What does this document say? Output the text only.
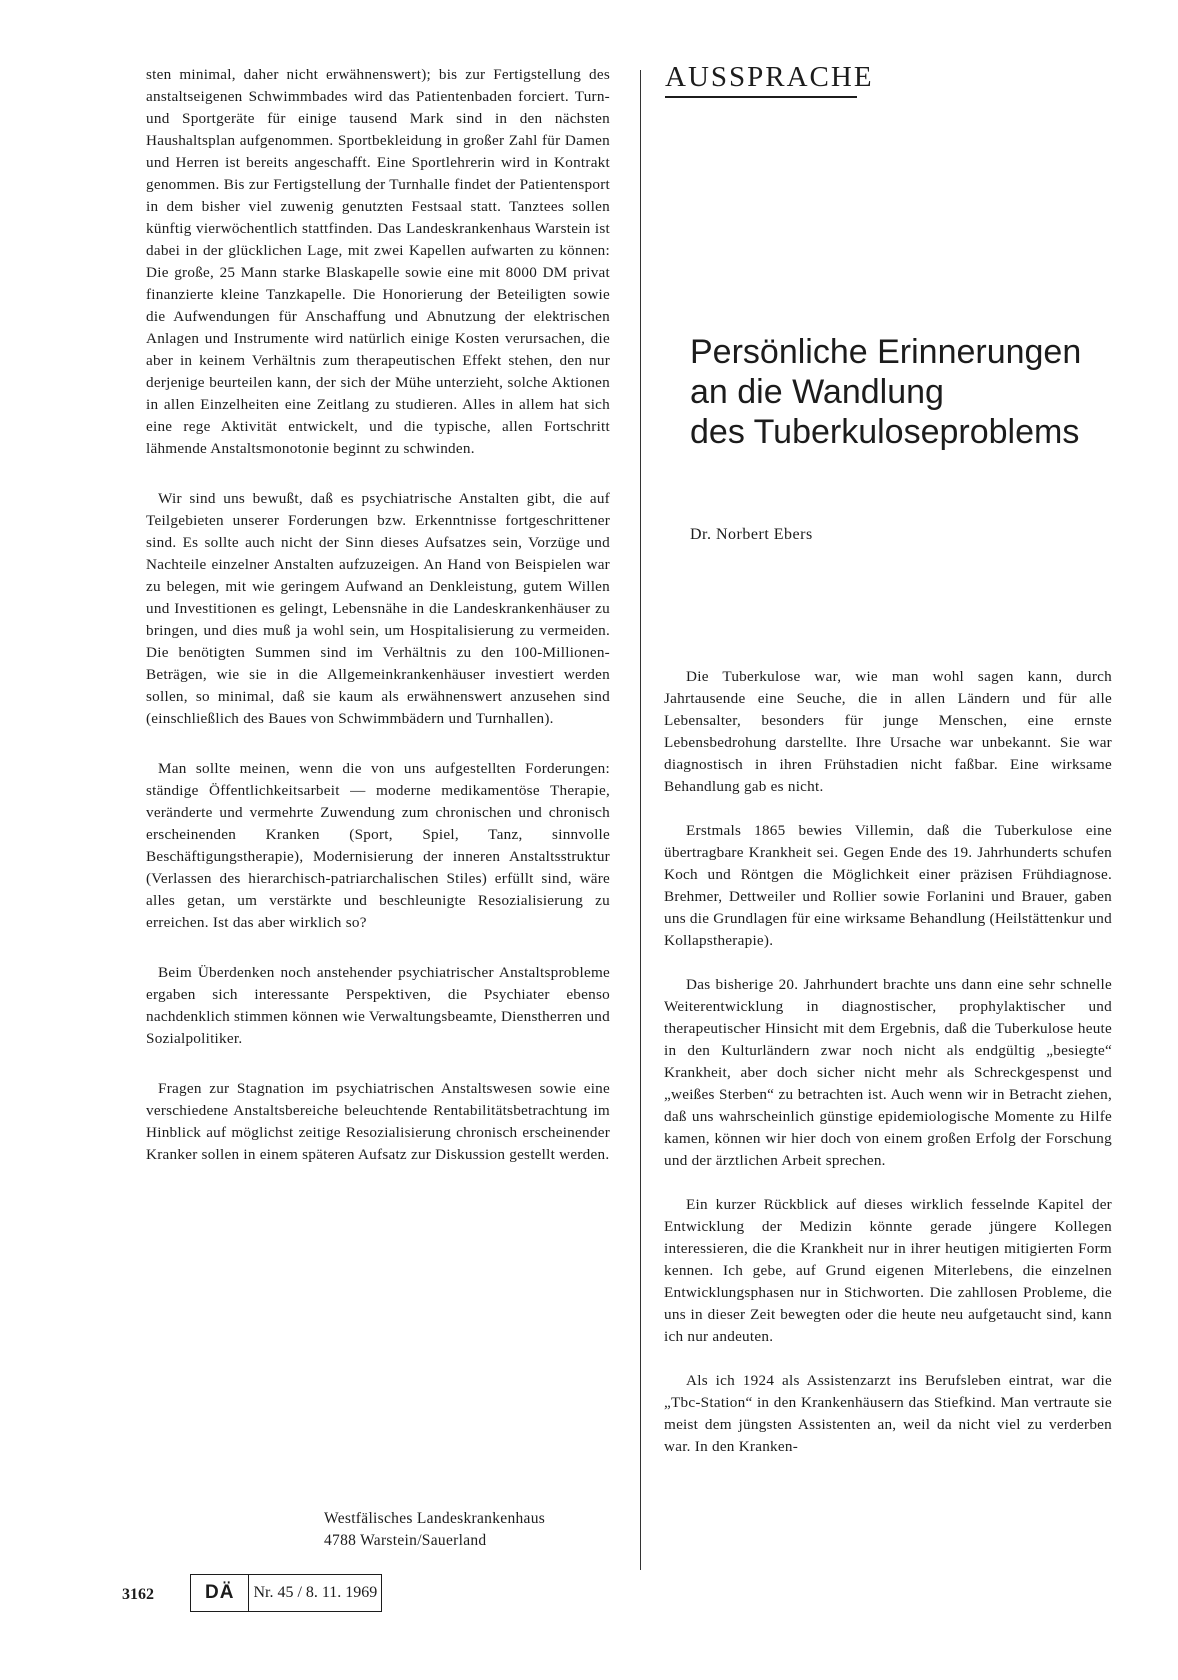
sten minimal, daher nicht erwähnenswert); bis zur Fertigstellung des anstaltseigenen Schwimmbades wird das Patientenbaden forciert. Turn- und Sportgeräte für einige tausend Mark sind in den nächsten Haushaltsplan aufgenommen. Sportbekleidung in großer Zahl für Damen und Herren ist bereits angeschafft. Eine Sportlehrerin wird in Kontrakt genommen. Bis zur Fertigstellung der Turnhalle findet der Patientensport in dem bisher viel zuwenig genutzten Festsaal statt. Tanztees sollen künftig vierwöchentlich stattfinden. Das Landeskrankenhaus Warstein ist dabei in der glücklichen Lage, mit zwei Kapellen aufwarten zu können: Die große, 25 Mann starke Blaskapelle sowie eine mit 8000 DM privat finanzierte kleine Tanzkapelle. Die Honorierung der Beteiligten sowie die Aufwendungen für Anschaffung und Abnutzung der elektrischen Anlagen und Instrumente wird natürlich einige Kosten verursachen, die aber in keinem Verhältnis zum therapeutischen Effekt stehen, den nur derjenige beurteilen kann, der sich der Mühe unterzieht, solche Aktionen in allen Einzelheiten eine Zeitlang zu studieren. Alles in allem hat sich eine rege Aktivität entwickelt, und die typische, allen Fortschritt lähmende Anstaltsmonotonie beginnt zu schwinden.

Wir sind uns bewußt, daß es psychiatrische Anstalten gibt, die auf Teilgebieten unserer Forderungen bzw. Erkenntnisse fortgeschrittener sind. Es sollte auch nicht der Sinn dieses Aufsatzes sein, Vorzüge und Nachteile einzelner Anstalten aufzuzeigen. An Hand von Beispielen war zu belegen, mit wie geringem Aufwand an Denkleistung, gutem Willen und Investitionen es gelingt, Lebensnähe in die Landeskrankenhäuser zu bringen, und dies muß ja wohl sein, um Hospitalisierung zu vermeiden. Die benötigten Summen sind im Verhältnis zu den 100-Millionen-Beträgen, wie sie in die Allgemeinkrankenhäuser investiert werden sollen, so minimal, daß sie kaum als erwähnenswert anzusehen sind (einschließlich des Baues von Schwimmbädern und Turnhallen).

Man sollte meinen, wenn die von uns aufgestellten Forderungen: ständige Öffentlichkeitsarbeit — moderne medikamentöse Therapie, veränderte und vermehrte Zuwendung zum chronischen und chronisch erscheinenden Kranken (Sport, Spiel, Tanz, sinnvolle Beschäftigungstherapie), Modernisierung der inneren Anstaltsstruktur (Verlassen des hierarchisch-patriarchalischen Stiles) erfüllt sind, wäre alles getan, um verstärkte und beschleunigte Resozialisierung zu erreichen. Ist das aber wirklich so?

Beim Überdenken noch anstehender psychiatrischer Anstaltsprobleme ergaben sich interessante Perspektiven, die Psychiater ebenso nachdenklich stimmen können wie Verwaltungsbeamte, Dienstherren und Sozialpolitiker.

Fragen zur Stagnation im psychiatrischen Anstaltswesen sowie eine verschiedene Anstaltsbereiche beleuchtende Rentabilitätsbetrachtung im Hinblick auf möglichst zeitige Resozialisierung chronisch erscheinender Kranker sollen in einem späteren Aufsatz zur Diskussion gestellt werden.

Westfälisches Landeskrankenhaus
4788 Warstein/Sauerland
AUSSPRACHE
Persönliche Erinnerungen
an die Wandlung
des Tuberkuloseproblems
Dr. Norbert Ebers

Die Tuberkulose war, wie man wohl sagen kann, durch Jahrtausende eine Seuche, die in allen Ländern und für alle Lebensalter, besonders für junge Menschen, eine ernste Lebensbedrohung darstellte. Ihre Ursache war unbekannt. Sie war diagnostisch in ihren Frühstadien nicht faßbar. Eine wirksame Behandlung gab es nicht.

Erstmals 1865 bewies Villemin, daß die Tuberkulose eine übertragbare Krankheit sei. Gegen Ende des 19. Jahrhunderts schufen Koch und Röntgen die Möglichkeit einer präzisen Frühdiagnose. Brehmer, Dettweiler und Rollier sowie Forlanini und Brauer, gaben uns die Grundlagen für eine wirksame Behandlung (Heilstättenkur und Kollapstherapie).

Das bisherige 20. Jahrhundert brachte uns dann eine sehr schnelle Weiterentwicklung in diagnostischer, prophylaktischer und therapeutischer Hinsicht mit dem Ergebnis, daß die Tuberkulose heute in den Kulturländern zwar noch nicht als endgültig „besiegte“ Krankheit, aber doch sicher nicht mehr als Schreckgespenst und „weißes Sterben“ zu betrachten ist. Auch wenn wir in Betracht ziehen, daß uns wahrscheinlich günstige epidemiologische Momente zu Hilfe kamen, können wir hier doch von einem großen Erfolg der Forschung und der ärztlichen Arbeit sprechen.

Ein kurzer Rückblick auf dieses wirklich fesselnde Kapitel der Entwicklung der Medizin könnte gerade jüngere Kollegen interessieren, die die Krankheit nur in ihrer heutigen mitigierten Form kennen. Ich gebe, auf Grund eigenen Miterlebens, die einzelnen Entwicklungsphasen nur in Stichworten. Die zahllosen Probleme, die uns in dieser Zeit bewegten oder die heute neu aufgetaucht sind, kann ich nur andeuten.

Als ich 1924 als Assistenzarzt ins Berufsleben eintrat, war die „Tbc-Station“ in den Krankenhäusern das Stiefkind. Man vertraute sie meist dem jüngsten Assistenten an, weil da nicht viel zu verderben war. In den Kranken-

3162	DÄ	Nr. 45 / 8. 11. 1969
